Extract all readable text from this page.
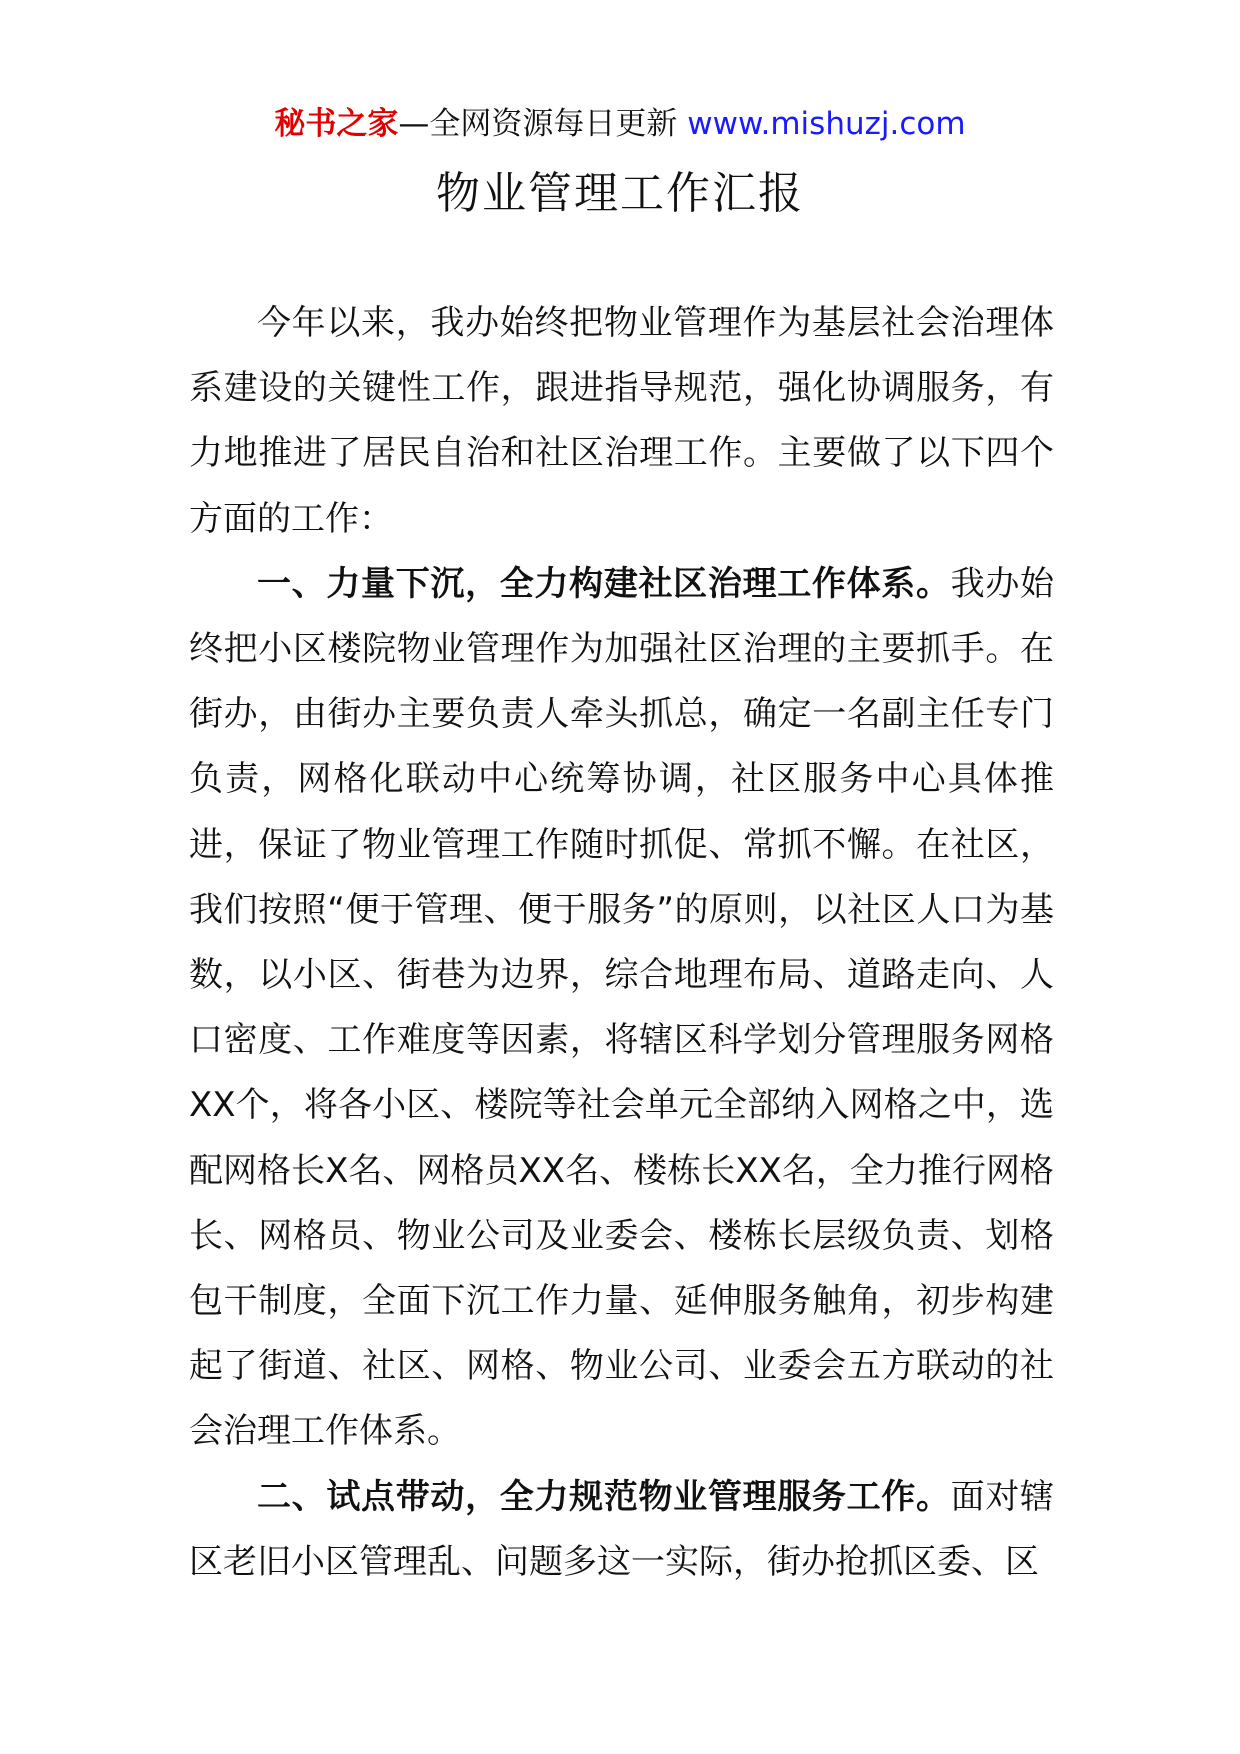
秘书之家—全网资源每日更新 www.mishuzj.com
物业管理工作汇报

今年以来，我办始终把物业管理作为基层社会治理体系建设的关键性工作，跟进指导规范，强化协调服务，有力地推进了居民自治和社区治理工作。主要做了以下四个方面的工作：

一、力量下沉，全力构建社区治理工作体系。我办始终把小区楼院物业管理作为加强社区治理的主要抓手。在街办，由街办主要负责人牵头抓总，确定一名副主任专门负责，网格化联动中心统筹协调，社区服务中心具体推进，保证了物业管理工作随时抓促、常抓不懈。在社区，我们按照“便于管理、便于服务”的原则，以社区人口为基数，以小区、街巷为边界，综合地理布局、道路走向、人口密度、工作难度等因素，将辖区科学划分管理服务网格XX个，将各小区、楼院等社会单元全部纳入网格之中，选配网格长X名、网格员XX名、楼栋长XX名，全力推行网格长、网格员、物业公司及业委会、楼栋长层级负责、划格包干制度，全面下沉工作力量、延伸服务触角，初步构建起了街道、社区、网格、物业公司、业委会五方联动的社会治理工作体系。

二、试点带动，全力规范物业管理服务工作。面对辖区老旧小区管理乱、问题多这一实际，街办抢抓区委、区
